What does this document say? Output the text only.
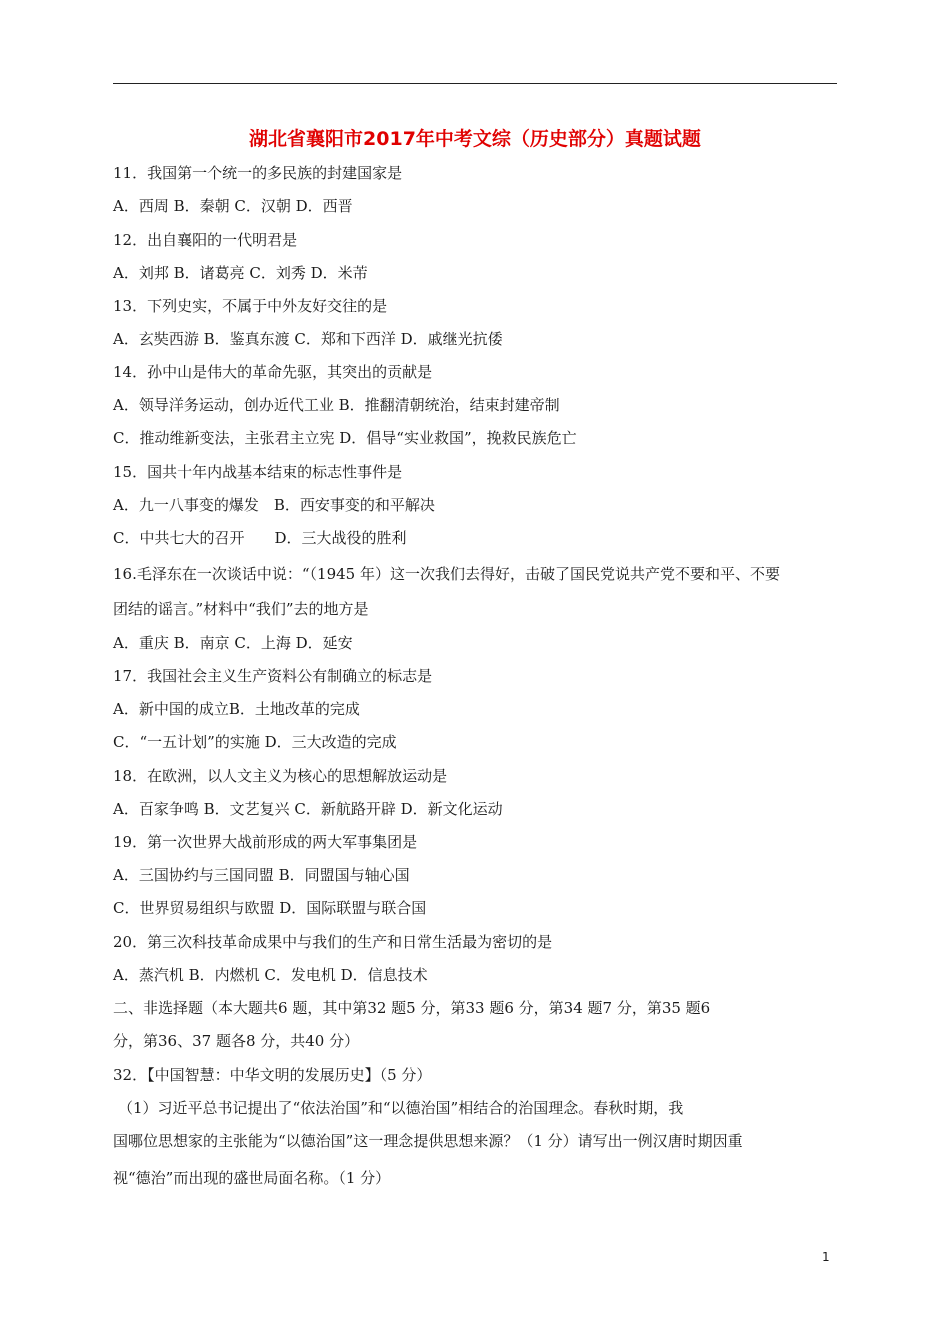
湖北省襄阳市2017年中考文综（历史部分）真题试题
11．我国第一个统一的多民族的封建国家是
A．西周 B．秦朝 C．汉朝 D．西晋
12．出自襄阳的一代明君是
A．刘邦 B．诸葛亮 C．刘秀 D．米芾
13．下列史实，不属于中外友好交往的是
A．玄奘西游 B．鉴真东渡 C．郑和下西洋 D．戚继光抗倭
14．孙中山是伟大的革命先驱，其突出的贡献是
A．领导洋务运动，创办近代工业 B．推翻清朝统治，结束封建帝制
C．推动维新变法，主张君主立宪 D．倡导“实业救国”，挽救民族危亡
15．国共十年内战基本结束的标志性事件是
A．九一八事变的爆发　B．西安事变的和平解决
C．中共七大的召开　　D．三大战役的胜利
16.毛泽东在一次谈话中说：“（1945 年）这一次我们去得好，击破了国民党说共产党不要和平、不要
团结的谣言。”材料中“我们”去的地方是
A．重庆 B．南京 C．上海 D．延安
17．我国社会主义生产资料公有制确立的标志是
A．新中国的成立B．土地改革的完成
C．“一五计划”的实施 D．三大改造的完成
18．在欧洲，以人文主义为核心的思想解放运动是
A．百家争鸣 B．文艺复兴 C．新航路开辟 D．新文化运动
19．第一次世界大战前形成的两大军事集团是
A．三国协约与三国同盟 B．同盟国与轴心国
C．世界贸易组织与欧盟 D．国际联盟与联合国
20．第三次科技革命成果中与我们的生产和日常生活最为密切的是
A．蒸汽机 B．内燃机 C．发电机 D．信息技术
二、非选择题（本大题共6 题，其中第32 题5 分，第33 题6 分，第34 题7 分，第35 题6
分，第36、37 题各8 分，共40 分）
32．【中国智慧：中华文明的发展历史】（5 分）
（1）习近平总书记提出了“依法治国”和“以德治国”相结合的治国理念。春秋时期，我
国哪位思想家的主张能为“以德治国”这一理念提供思想来源？（1 分）请写出一例汉唐时期因重
视“德治”而出现的盛世局面名称。（1 分）
1
